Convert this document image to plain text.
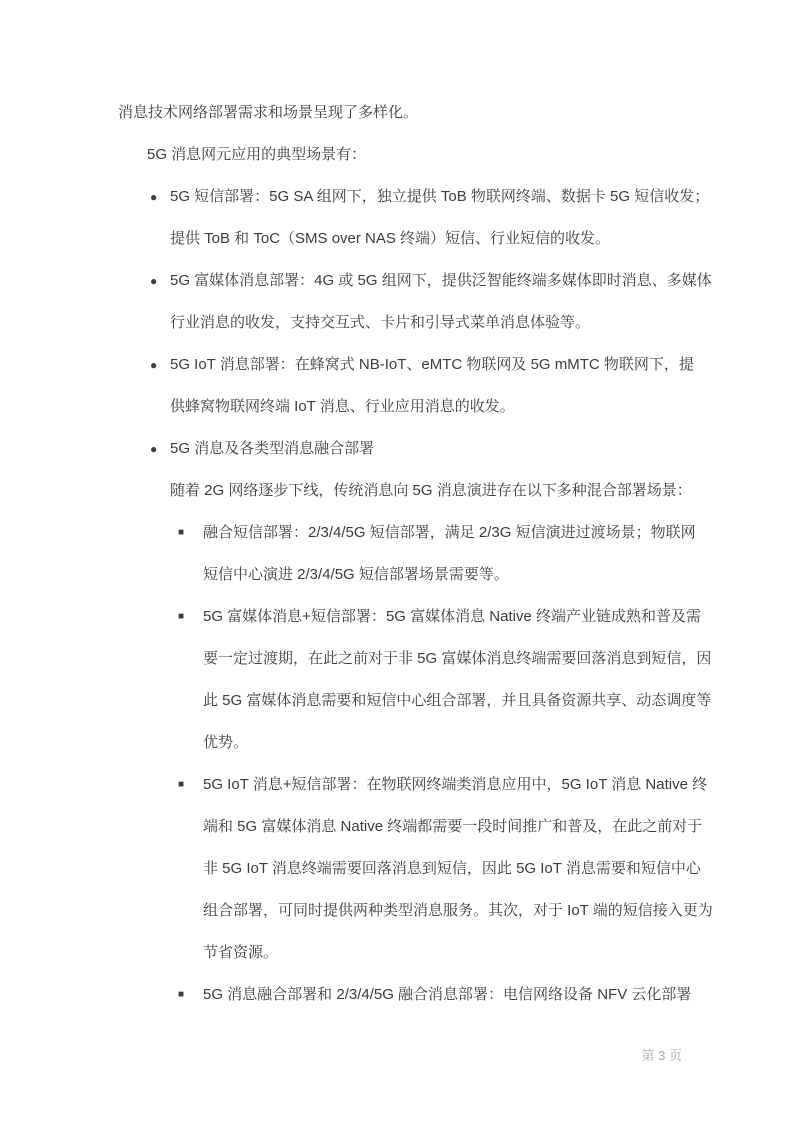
消息技术网络部署需求和场景呈现了多样化。
5G 消息网元应用的典型场景有：
● 5G 短信部署：5G SA 组网下，独立提供 ToB 物联网终端、数据卡 5G 短信收发；
提供 ToB 和 ToC（SMS over NAS 终端）短信、行业短信的收发。
● 5G 富媒体消息部署：4G 或 5G 组网下，提供泛智能终端多媒体即时消息、多媒体
行业消息的收发，支持交互式、卡片和引导式菜单消息体验等。
● 5G IoT 消息部署：在蜂窝式 NB-IoT、eMTC 物联网及 5G mMTC 物联网下，提
供蜂窝物联网终端 IoT 消息、行业应用消息的收发。
● 5G 消息及各类型消息融合部署
随着 2G 网络逐步下线，传统消息向 5G 消息演进存在以下多种混合部署场景：
■ 融合短信部署：2/3/4/5G 短信部署，满足 2/3G 短信演进过渡场景；物联网
短信中心演进 2/3/4/5G 短信部署场景需要等。
■ 5G 富媒体消息+短信部署：5G 富媒体消息 Native 终端产业链成熟和普及需
要一定过渡期，在此之前对于非 5G 富媒体消息终端需要回落消息到短信，因
此 5G 富媒体消息需要和短信中心组合部署，并且具备资源共享、动态调度等
优势。
■ 5G IoT 消息+短信部署：在物联网终端类消息应用中，5G IoT 消息 Native 终
端和 5G 富媒体消息 Native 终端都需要一段时间推广和普及，在此之前对于
非 5G IoT 消息终端需要回落消息到短信，因此 5G IoT 消息需要和短信中心
组合部署，可同时提供两种类型消息服务。其次，对于 IoT 端的短信接入更为
节省资源。
■ 5G 消息融合部署和 2/3/4/5G 融合消息部署：电信网络设备 NFV 云化部署
第 3 页
